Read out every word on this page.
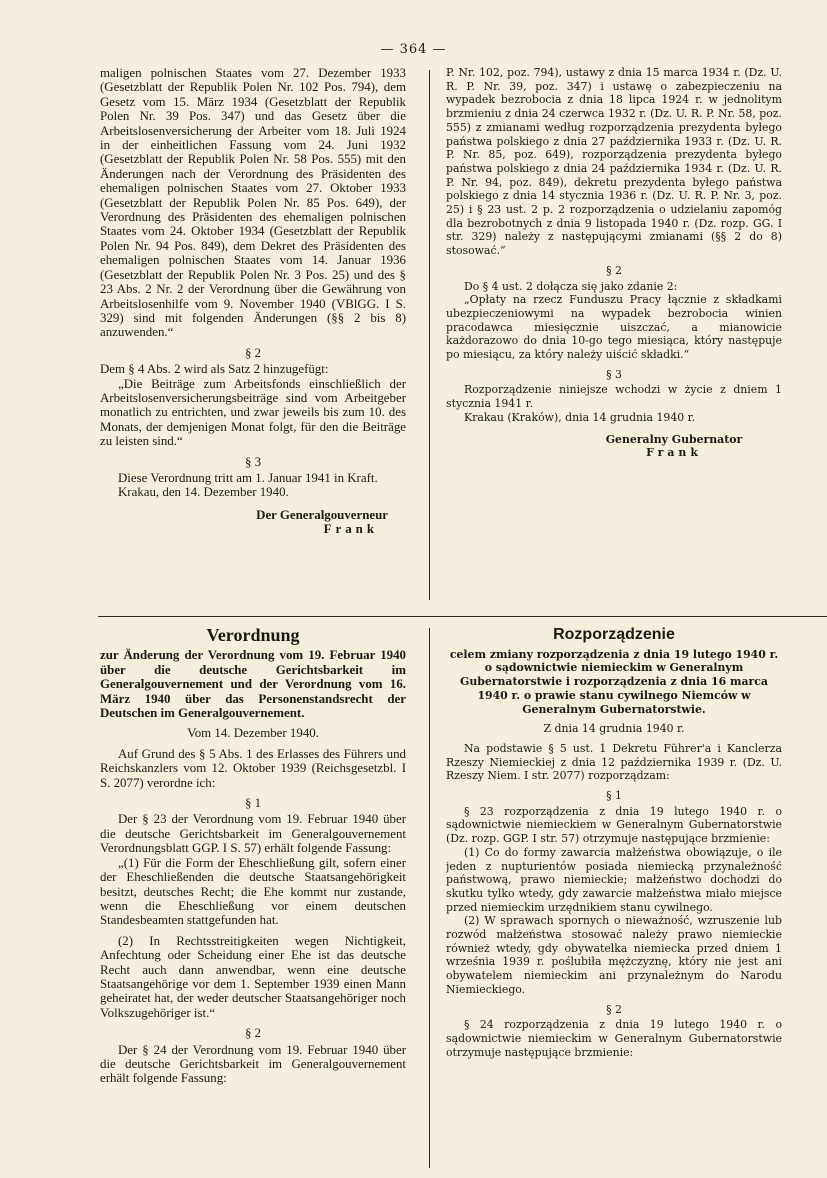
— 364 —

maligen polnischen Staates vom 27. Dezember 1933 (Gesetzblatt der Republik Polen Nr. 102 Pos. 794), dem Gesetz vom 15. März 1934 (Gesetzblatt der Republik Polen Nr. 39 Pos. 347) und das Gesetz über die Arbeitslosenversicherung der Arbeiter vom 18. Juli 1924 in der einheitlichen Fassung vom 24. Juni 1932 (Gesetzblatt der Republik Polen Nr. 58 Pos. 555) mit den Änderungen nach der Verordnung des Präsidenten des ehemaligen polnischen Staates vom 27. Oktober 1933 (Gesetzblatt der Republik Polen Nr. 85 Pos. 649), der Verordnung des Präsidenten des ehemaligen polnischen Staates vom 24. Oktober 1934 (Gesetzblatt der Republik Polen Nr. 94 Pos. 849), dem Dekret des Präsidenten des ehemaligen polnischen Staates vom 14. Januar 1936 (Gesetzblatt der Republik Polen Nr. 3 Pos. 25) und des § 23 Abs. 2 Nr. 2 der Verordnung über die Gewährung von Arbeitslosenhilfe vom 9. November 1940 (VBlGG. I S. 329) sind mit folgenden Änderungen (§§ 2 bis 8) anzuwenden.“

§ 2

Dem § 4 Abs. 2 wird als Satz 2 hinzugefügt:

„Die Beiträge zum Arbeitsfonds einschließlich der Arbeitslosenversicherungsbeiträge sind vom Arbeitgeber monatlich zu entrichten, und zwar jeweils bis zum 10. des Monats, der demjenigen Monat folgt, für den die Beiträge zu leisten sind.“

§ 3

Diese Verordnung tritt am 1. Januar 1941 in Kraft.

Krakau, den 14. Dezember 1940.

Der Generalgouverneur
Frank

P. Nr. 102, poz. 794), ustawy z dnia 15 marca 1934 r. (Dz. U. R. P. Nr. 39, poz. 347) i ustawę o zabezpieczeniu na wypadek bezrobocia z dnia 18 lipca 1924 r. w jednolitym brzmieniu z dnia 24 czerwca 1932 r. (Dz. U. R. P. Nr. 58, poz. 555) z zmianami według rozporządzenia prezydenta byłego państwa polskiego z dnia 27 października 1933 r. (Dz. U. R. P. Nr. 85, poz. 649), rozporządzenia prezydenta byłego państwa polskiego z dnia 24 października 1934 r. (Dz. U. R. P. Nr. 94, poz. 849), dekretu prezydenta byłego państwa polskiego z dnia 14 stycznia 1936 r. (Dz. U. R. P. Nr. 3, poz. 25) i § 23 ust. 2 p. 2 rozporządzenia o udzielaniu zapomóg dla bezrobotnych z dnia 9 listopada 1940 r. (Dz. rozp. GG. I str. 329) należy z następującymi zmianami (§§ 2 do 8) stosować.“

§ 2

Do § 4 ust. 2 dołącza się jako zdanie 2:

„Opłaty na rzecz Funduszu Pracy łącznie z składkami ubezpieczeniowymi na wypadek bezrobocia winien pracodawca miesięcznie uiszczać, a mianowicie każdorazowo do dnia 10-go tego miesiąca, który następuje po miesiącu, za który należy uiścić składki.“

§ 3

Rozporządzenie niniejsze wchodzi w życie z dniem 1 stycznia 1941 r.

Krakau (Kraków), dnia 14 grudnia 1940 r.

Generalny Gubernator
Frank
Verordnung

zur Änderung der Verordnung vom 19. Februar 1940 über die deutsche Gerichtsbarkeit im Generalgouvernement und der Verordnung vom 16. März 1940 über das Personenstandsrecht der Deutschen im Generalgouvernement.

Vom 14. Dezember 1940.

Auf Grund des § 5 Abs. 1 des Erlasses des Führers und Reichskanzlers vom 12. Oktober 1939 (Reichsgesetzbl. I S. 2077) verordne ich:

§ 1

Der § 23 der Verordnung vom 19. Februar 1940 über die deutsche Gerichtsbarkeit im Generalgouvernement Verordnungsblatt GGP. I S. 57) erhält folgende Fassung:

„(1) Für die Form der Eheschließung gilt, sofern einer der Eheschließenden die deutsche Staatsangehörigkeit besitzt, deutsches Recht; die Ehe kommt nur zustande, wenn die Eheschließung vor einem deutschen Standesbeamten stattgefunden hat.

(2) In Rechtsstreitigkeiten wegen Nichtigkeit, Anfechtung oder Scheidung einer Ehe ist das deutsche Recht auch dann anwendbar, wenn eine deutsche Staatsangehörige vor dem 1. September 1939 einen Mann geheiratet hat, der weder deutscher Staatsangehöriger noch Volkszugehöriger ist.“

§ 2

Der § 24 der Verordnung vom 19. Februar 1940 über die deutsche Gerichtsbarkeit im Generalgouvernement erhält folgende Fassung:

Rozporządzenie

celem zmiany rozporządzenia z dnia 19 lutego 1940 r. o sądownictwie niemieckim w Generalnym Gubernatorstwie i rozporządzenia z dnia 16 marca 1940 r. o prawie stanu cywilnego Niemców w Generalnym Gubernatorstwie.

Z dnia 14 grudnia 1940 r.

Na podstawie § 5 ust. 1 Dekretu Führer'a i Kanclerza Rzeszy Niemieckiej z dnia 12 października 1939 r. (Dz. U. Rzeszy Niem. I str. 2077) rozporządzam:

§ 1

§ 23 rozporządzenia z dnia 19 lutego 1940 r. o sądownictwie niemieckiem w Generalnym Gubernatorstwie (Dz. rozp. GGP. I str. 57) otrzymuje następujące brzmienie:

(1) Co do formy zawarcia małżeństwa obowiązuje, o ile jeden z nupturientów posiada niemiecką przynależność państwową, prawo niemieckie; małżeństwo dochodzi do skutku tylko wtedy, gdy zawarcie małżeństwa miało miejsce przed niemieckim urzędnikiem stanu cywilnego.

(2) W sprawach spornych o nieważność, wzruszenie lub rozwód małżeństwa stosować należy prawo niemieckie również wtedy, gdy obywatelka niemiecka przed dniem 1 września 1939 r. poślubiła mężczyznę, który nie jest ani obywatelem niemieckim ani przynależnym do Narodu Niemieckiego.

§ 2

§ 24 rozporządzenia z dnia 19 lutego 1940 r. o sądownictwie niemieckim w Generalnym Gubernatorstwie otrzymuje następujące brzmienie:
